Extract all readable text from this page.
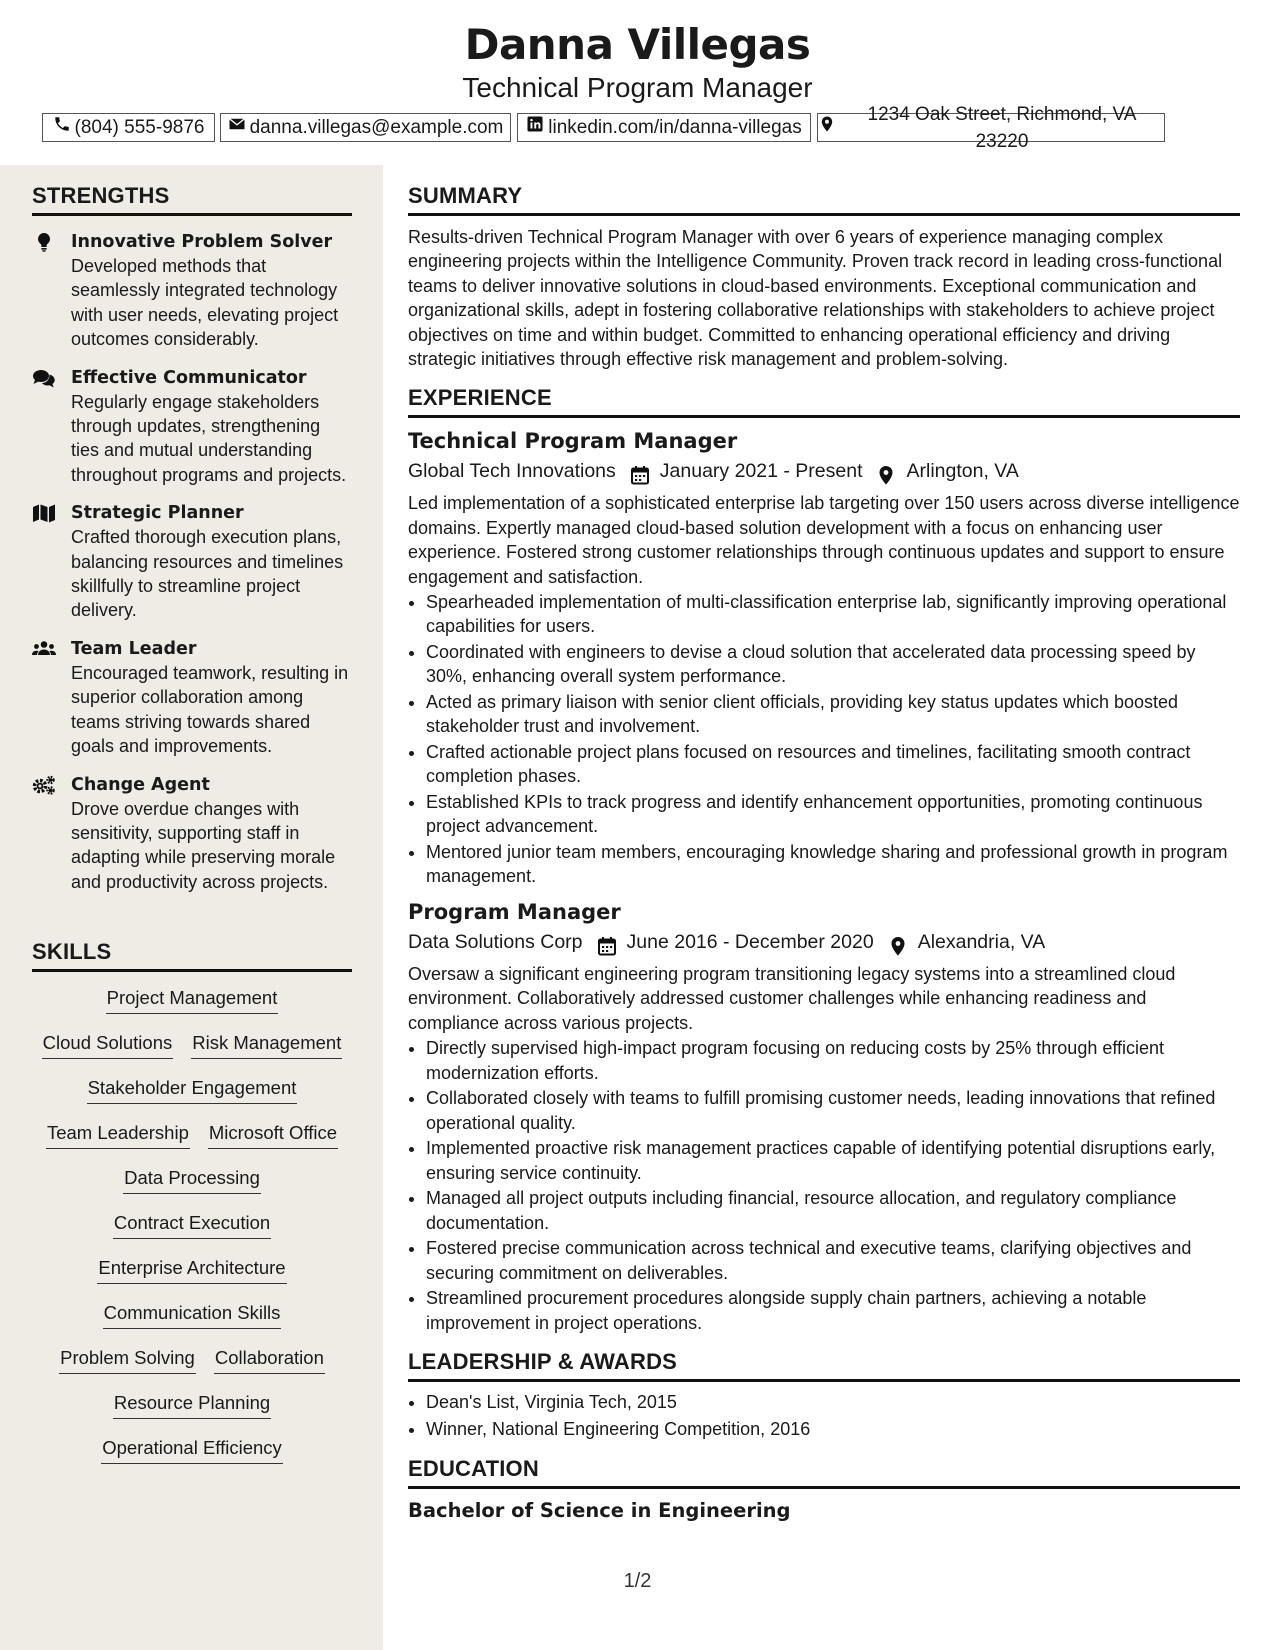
Danna Villegas
Technical Program Manager
(804) 555-9876 danna.villegas@example.com linkedin.com/in/danna-villegas
1234 Oak Street, Richmond, VA 23220
STRENGTHS
Innovative Problem Solver
Developed methods that seamlessly integrated technology with user needs, elevating project outcomes considerably.
Effective Communicator
Regularly engage stakeholders through updates, strengthening ties and mutual understanding throughout programs and projects.
Strategic Planner
Crafted thorough execution plans, balancing resources and timelines skillfully to streamline project delivery.
Team Leader
Encouraged teamwork, resulting in superior collaboration among teams striving towards shared goals and improvements.
Change Agent
Drove overdue changes with sensitivity, supporting staff in adapting while preserving morale and productivity across projects.
SKILLS
Project Management
Cloud Solutions Risk Management
Stakeholder Engagement
Team Leadership Microsoft Office
Data Processing
Contract Execution
Enterprise Architecture
Communication Skills
Problem Solving Collaboration
Resource Planning
Operational Efficiency
SUMMARY

Results-driven Technical Program Manager with over 6 years of experience managing complex engineering projects within the Intelligence Community. Proven track record in leading cross-functional teams to deliver innovative solutions in cloud-based environments. Exceptional communication and organizational skills, adept in fostering collaborative relationships with stakeholders to achieve project objectives on time and within budget. Committed to enhancing operational efficiency and driving strategic initiatives through effective risk management and problem-solving.

EXPERIENCE
Technical Program Manager
Global Tech Innovations January 2021 - Present Arlington, VA
Led implementation of a sophisticated enterprise lab targeting over 150 users across diverse intelligence domains. Expertly managed cloud-based solution development with a focus on enhancing user experience. Fostered strong customer relationships through continuous updates and support to ensure engagement and satisfaction.
• Spearheaded implementation of multi-classification enterprise lab, significantly improving operational capabilities for users.
• Coordinated with engineers to devise a cloud solution that accelerated data processing speed by 30%, enhancing overall system performance.
• Acted as primary liaison with senior client officials, providing key status updates which boosted stakeholder trust and involvement.
• Crafted actionable project plans focused on resources and timelines, facilitating smooth contract completion phases.
• Established KPIs to track progress and identify enhancement opportunities, promoting continuous project advancement.
• Mentored junior team members, encouraging knowledge sharing and professional growth in program management.
Program Manager
Data Solutions Corp June 2016 - December 2020 Alexandria, VA
Oversaw a significant engineering program transitioning legacy systems into a streamlined cloud environment. Collaboratively addressed customer challenges while enhancing readiness and compliance across various projects.
• Directly supervised high-impact program focusing on reducing costs by 25% through efficient modernization efforts.
• Collaborated closely with teams to fulfill promising customer needs, leading innovations that refined operational quality.
• Implemented proactive risk management practices capable of identifying potential disruptions early, ensuring service continuity.
• Managed all project outputs including financial, resource allocation, and regulatory compliance documentation.
• Fostered precise communication across technical and executive teams, clarifying objectives and securing commitment on deliverables.
• Streamlined procurement procedures alongside supply chain partners, achieving a notable improvement in project operations.
LEADERSHIP & AWARDS
• Dean's List, Virginia Tech, 2015
• Winner, National Engineering Competition, 2016
EDUCATION
Bachelor of Science in Engineering
1/2
